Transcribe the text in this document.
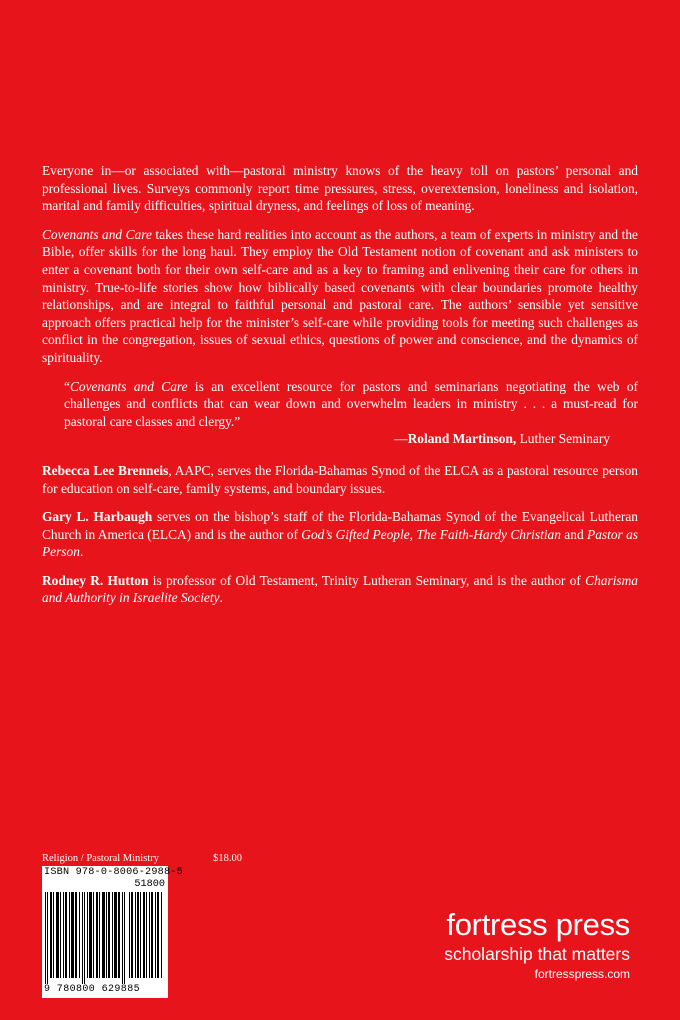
Everyone in—or associated with—pastoral ministry knows of the heavy toll on pastors’ personal and professional lives. Surveys commonly report time pressures, stress, overextension, loneliness and isolation, marital and family difficulties, spiritual dryness, and feelings of loss of meaning.

Covenants and Care takes these hard realities into account as the authors, a team of experts in ministry and the Bible, offer skills for the long haul. They employ the Old Testament notion of covenant and ask ministers to enter a covenant both for their own self-care and as a key to framing and enlivening their care for others in ministry. True-to-life stories show how biblically based covenants with clear boundaries promote healthy relationships, and are integral to faithful personal and pastoral care. The authors’ sensible yet sensitive approach offers practical help for the minister’s self-care while providing tools for meeting such challenges as conflict in the congregation, issues of sexual ethics, questions of power and conscience, and the dynamics of spirituality.

“Covenants and Care is an excellent resource for pastors and seminarians negotiating the web of challenges and conflicts that can wear down and overwhelm leaders in ministry . . . a must-read for pastoral care classes and clergy.”
—Roland Martinson, Luther Seminary

Rebecca Lee Brenneis, AAPC, serves the Florida-Bahamas Synod of the ELCA as a pastoral resource person for education on self-care, family systems, and boundary issues.

Gary L. Harbaugh serves on the bishop’s staff of the Florida-Bahamas Synod of the Evangelical Lutheran Church in America (ELCA) and is the author of God’s Gifted People, The Faith-Hardy Christian and Pastor as Person.

Rodney R. Hutton is professor of Old Testament, Trinity Lutheran Seminary, and is the author of Charisma and Authority in Israelite Society.

Religion / Pastoral Ministry	$18.00
ISBN 978-0-8006-2988-5
51800
9 780800 629885
fortress press
scholarship that matters
fortresspress.com
